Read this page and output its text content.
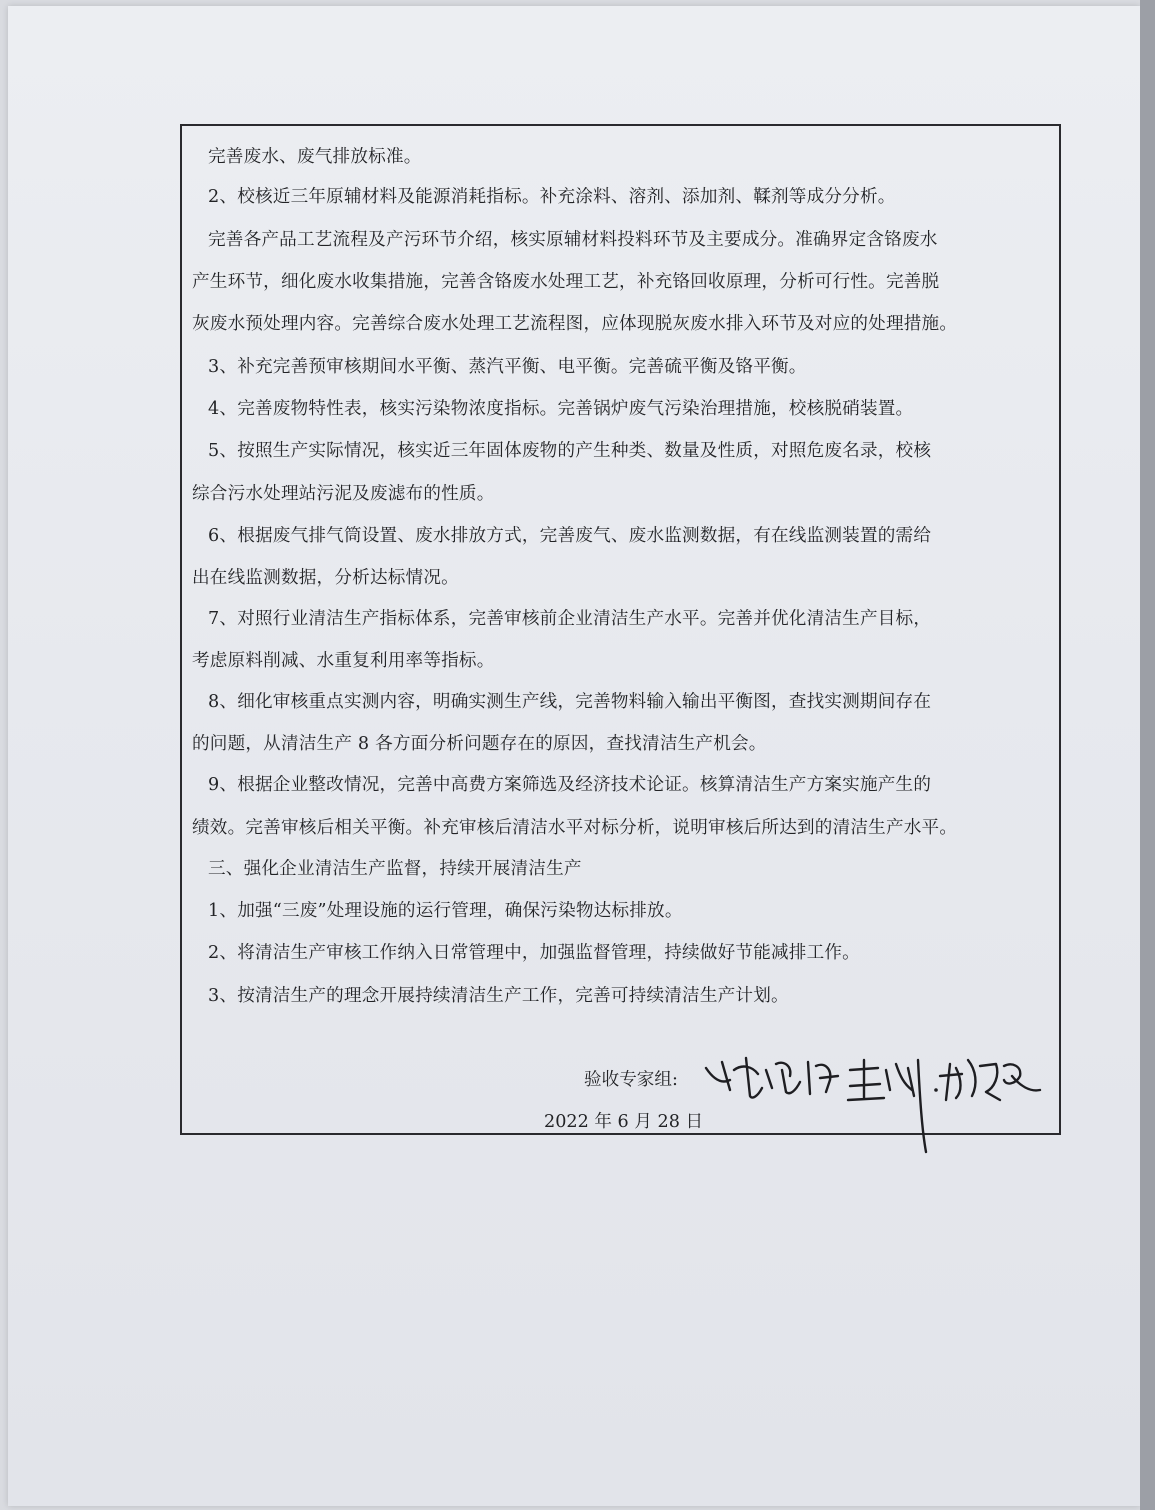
完善废水、废气排放标准。
2、校核近三年原辅材料及能源消耗指标。补充涂料、溶剂、添加剂、鞣剂等成分分析。
完善各产品工艺流程及产污环节介绍，核实原辅材料投料环节及主要成分。准确界定含铬废水
产生环节，细化废水收集措施，完善含铬废水处理工艺，补充铬回收原理，分析可行性。完善脱
灰废水预处理内容。完善综合废水处理工艺流程图，应体现脱灰废水排入环节及对应的处理措施。
3、补充完善预审核期间水平衡、蒸汽平衡、电平衡。完善硫平衡及铬平衡。
4、完善废物特性表，核实污染物浓度指标。完善锅炉废气污染治理措施，校核脱硝装置。
5、按照生产实际情况，核实近三年固体废物的产生种类、数量及性质，对照危废名录，校核
综合污水处理站污泥及废滤布的性质。
6、根据废气排气筒设置、废水排放方式，完善废气、废水监测数据，有在线监测装置的需给
出在线监测数据，分析达标情况。
7、对照行业清洁生产指标体系，完善审核前企业清洁生产水平。完善并优化清洁生产目标，
考虑原料削减、水重复利用率等指标。
8、细化审核重点实测内容，明确实测生产线，完善物料输入输出平衡图，查找实测期间存在
的问题，从清洁生产 8 各方面分析问题存在的原因，查找清洁生产机会。
9、根据企业整改情况，完善中高费方案筛选及经济技术论证。核算清洁生产方案实施产生的
绩效。完善审核后相关平衡。补充审核后清洁水平对标分析，说明审核后所达到的清洁生产水平。
三、强化企业清洁生产监督，持续开展清洁生产
1、加强“三废”处理设施的运行管理，确保污染物达标排放。
2、将清洁生产审核工作纳入日常管理中，加强监督管理，持续做好节能减排工作。
3、按清洁生产的理念开展持续清洁生产工作，完善可持续清洁生产计划。
验收专家组:
2022 年 6 月 28 日
